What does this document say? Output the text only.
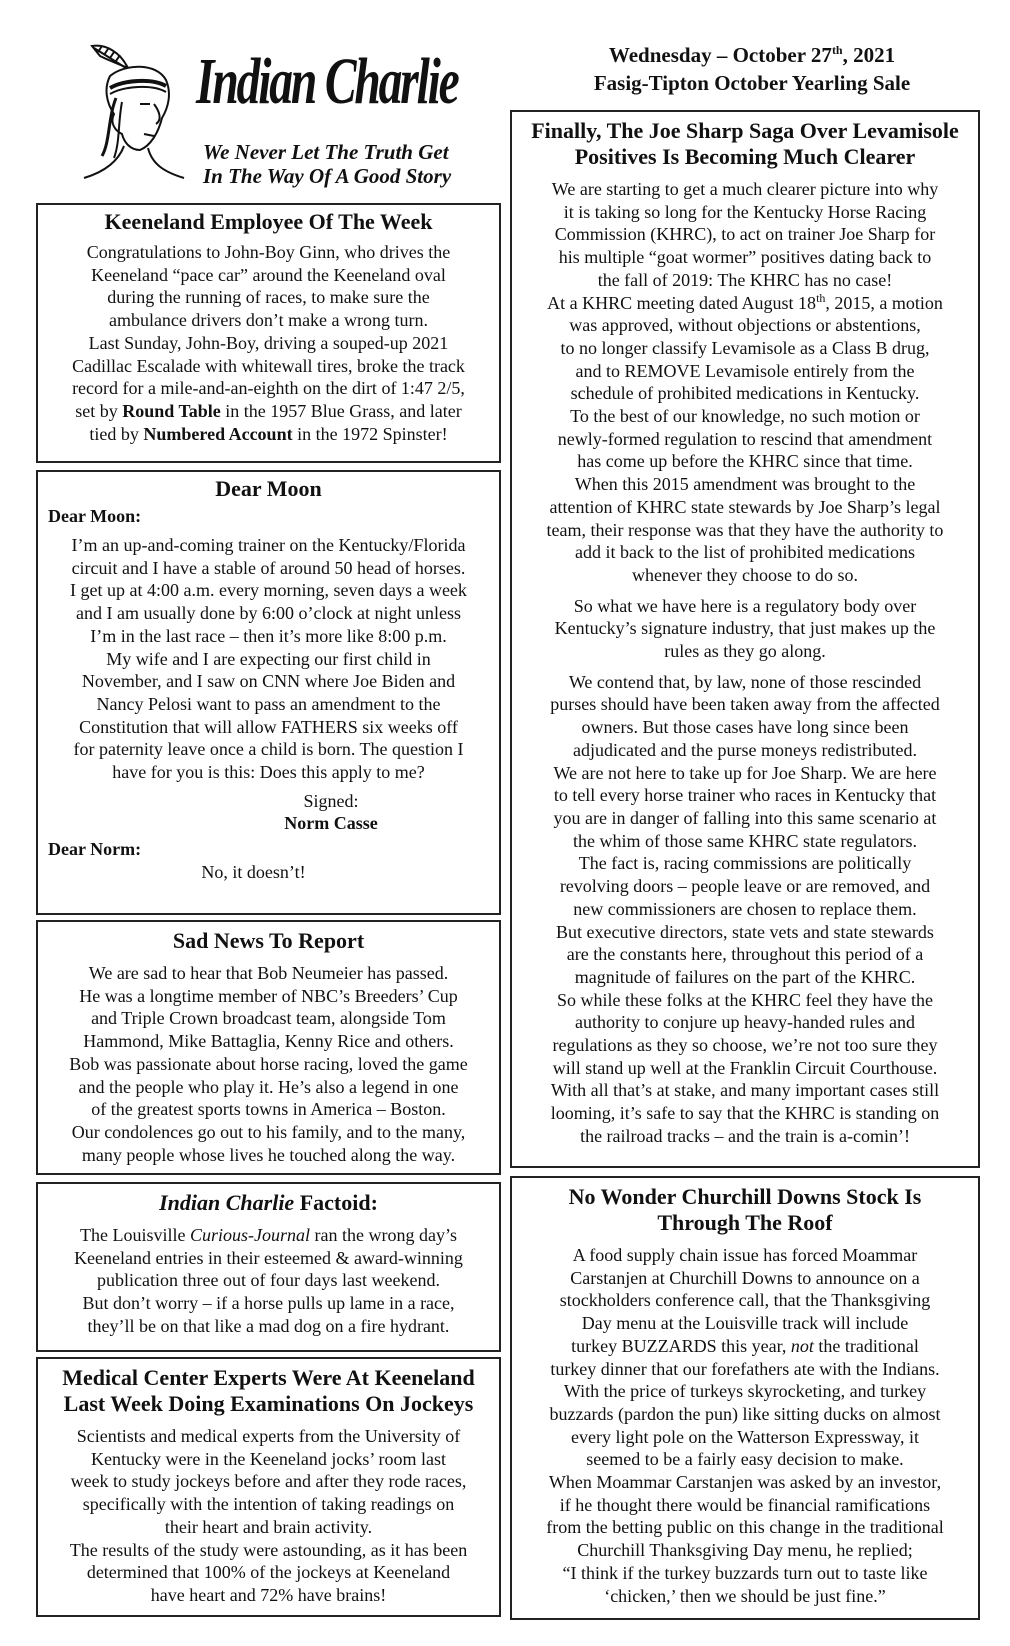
Indian Charlie
We Never Let The Truth Get
In The Way Of A Good Story
Wednesday – October 27th, 2021
Fasig-Tipton October Yearling Sale
Keeneland Employee Of The Week

Congratulations to John-Boy Ginn, who drives the
Keeneland “pace car” around the Keeneland oval
during the running of races, to make sure the
ambulance drivers don’t make a wrong turn.
Last Sunday, John-Boy, driving a souped-up 2021
Cadillac Escalade with whitewall tires, broke the track
record for a mile-and-an-eighth on the dirt of 1:47 2/5,
set by Round Table in the 1957 Blue Grass, and later
tied by Numbered Account in the 1972 Spinster!

Dear Moon
Dear Moon:

I’m an up-and-coming trainer on the Kentucky/Florida
circuit and I have a stable of around 50 head of horses.
I get up at 4:00 a.m. every morning, seven days a week
and I am usually done by 6:00 o’clock at night unless
I’m in the last race – then it’s more like 8:00 p.m.
My wife and I are expecting our first child in
November, and I saw on CNN where Joe Biden and
Nancy Pelosi want to pass an amendment to the
Constitution that will allow FATHERS six weeks off
for paternity leave once a child is born. The question I
have for you is this: Does this apply to me?

Signed:
Norm Casse
Dear Norm:
No, it doesn’t!
Sad News To Report

We are sad to hear that Bob Neumeier has passed.
He was a longtime member of NBC’s Breeders’ Cup
and Triple Crown broadcast team, alongside Tom
Hammond, Mike Battaglia, Kenny Rice and others.
Bob was passionate about horse racing, loved the game
and the people who play it. He’s also a legend in one
of the greatest sports towns in America – Boston.
Our condolences go out to his family, and to the many,
many people whose lives he touched along the way.

Indian Charlie Factoid:

The Louisville Curious-Journal ran the wrong day’s
Keeneland entries in their esteemed & award-winning
publication three out of four days last weekend.
But don’t worry – if a horse pulls up lame in a race,
they’ll be on that like a mad dog on a fire hydrant.

Medical Center Experts Were At Keeneland
Last Week Doing Examinations On Jockeys

Scientists and medical experts from the University of
Kentucky were in the Keeneland jocks’ room last
week to study jockeys before and after they rode races,
specifically with the intention of taking readings on
their heart and brain activity.
The results of the study were astounding, as it has been
determined that 100% of the jockeys at Keeneland
have heart and 72% have brains!

Finally, The Joe Sharp Saga Over Levamisole
Positives Is Becoming Much Clearer

We are starting to get a much clearer picture into why
it is taking so long for the Kentucky Horse Racing
Commission (KHRC), to act on trainer Joe Sharp for
his multiple “goat wormer” positives dating back to
the fall of 2019: The KHRC has no case!
At a KHRC meeting dated August 18th, 2015, a motion
was approved, without objections or abstentions,
to no longer classify Levamisole as a Class B drug,
and to REMOVE Levamisole entirely from the
schedule of prohibited medications in Kentucky.
To the best of our knowledge, no such motion or
newly-formed regulation to rescind that amendment
has come up before the KHRC since that time.
When this 2015 amendment was brought to the
attention of KHRC state stewards by Joe Sharp’s legal
team, their response was that they have the authority to
add it back to the list of prohibited medications
whenever they choose to do so.

So what we have here is a regulatory body over
Kentucky’s signature industry, that just makes up the
rules as they go along.

We contend that, by law, none of those rescinded
purses should have been taken away from the affected
owners. But those cases have long since been
adjudicated and the purse moneys redistributed.
We are not here to take up for Joe Sharp. We are here
to tell every horse trainer who races in Kentucky that
you are in danger of falling into this same scenario at
the whim of those same KHRC state regulators.
The fact is, racing commissions are politically
revolving doors – people leave or are removed, and
new commissioners are chosen to replace them.
But executive directors, state vets and state stewards
are the constants here, throughout this period of a
magnitude of failures on the part of the KHRC.
So while these folks at the KHRC feel they have the
authority to conjure up heavy-handed rules and
regulations as they so choose, we’re not too sure they
will stand up well at the Franklin Circuit Courthouse.
With all that’s at stake, and many important cases still
looming, it’s safe to say that the KHRC is standing on
the railroad tracks – and the train is a-comin’!

No Wonder Churchill Downs Stock Is
Through The Roof

A food supply chain issue has forced Moammar
Carstanjen at Churchill Downs to announce on a
stockholders conference call, that the Thanksgiving
Day menu at the Louisville track will include
turkey BUZZARDS this year, not the traditional
turkey dinner that our forefathers ate with the Indians.
With the price of turkeys skyrocketing, and turkey
buzzards (pardon the pun) like sitting ducks on almost
every light pole on the Watterson Expressway, it
seemed to be a fairly easy decision to make.
When Moammar Carstanjen was asked by an investor,
if he thought there would be financial ramifications
from the betting public on this change in the traditional
Churchill Thanksgiving Day menu, he replied;
“I think if the turkey buzzards turn out to taste like
‘chicken,’ then we should be just fine.”
